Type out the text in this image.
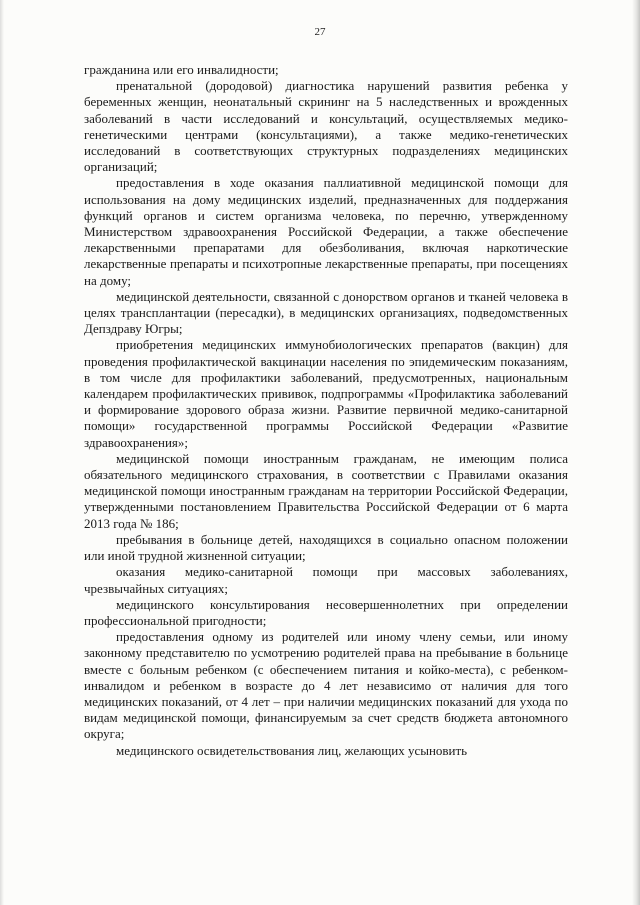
27

гражданина или его инвалидности;

пренатальной (дородовой) диагностика нарушений развития ребенка у беременных женщин, неонатальный скрининг на 5 наследственных и врожденных заболеваний в части исследований и консультаций, осуществляемых медико-генетическими центрами (консультациями), а также медико-генетических исследований в соответствующих структурных подразделениях медицинских организаций;

предоставления в ходе оказания паллиативной медицинской помощи для использования на дому медицинских изделий, предназначенных для поддержания функций органов и систем организма человека, по перечню, утвержденному Министерством здравоохранения Российской Федерации, а также обеспечение лекарственными препаратами для обезболивания, включая наркотические лекарственные препараты и психотропные лекарственные препараты, при посещениях на дому;

медицинской деятельности, связанной с донорством органов и тканей человека в целях трансплантации (пересадки), в медицинских организациях, подведомственных Депздраву Югры;

приобретения медицинских иммунобиологических препаратов (вакцин) для проведения профилактической вакцинации населения по эпидемическим показаниям, в том числе для профилактики заболеваний, предусмотренных, национальным календарем профилактических прививок, подпрограммы «Профилактика заболеваний и формирование здорового образа жизни. Развитие первичной медико-санитарной помощи» государственной программы Российской Федерации «Развитие здравоохранения»;

медицинской помощи иностранным гражданам, не имеющим полиса обязательного медицинского страхования, в соответствии с Правилами оказания медицинской помощи иностранным гражданам на территории Российской Федерации, утвержденными постановлением Правительства Российской Федерации от 6 марта 2013 года № 186;

пребывания в больнице детей, находящихся в социально опасном положении или иной трудной жизненной ситуации;

оказания медико-санитарной помощи при массовых заболеваниях, чрезвычайных ситуациях;

медицинского консультирования несовершеннолетних при определении профессиональной пригодности;

предоставления одному из родителей или иному члену семьи, или иному законному представителю по усмотрению родителей права на пребывание в больнице вместе с больным ребенком (с обеспечением питания и койко-места), с ребенком-инвалидом и ребенком в возрасте до 4 лет независимо от наличия для того медицинских показаний, от 4 лет – при наличии медицинских показаний для ухода по видам медицинской помощи, финансируемым за счет средств бюджета автономного округа;

медицинского освидетельствования лиц, желающих усыновить
